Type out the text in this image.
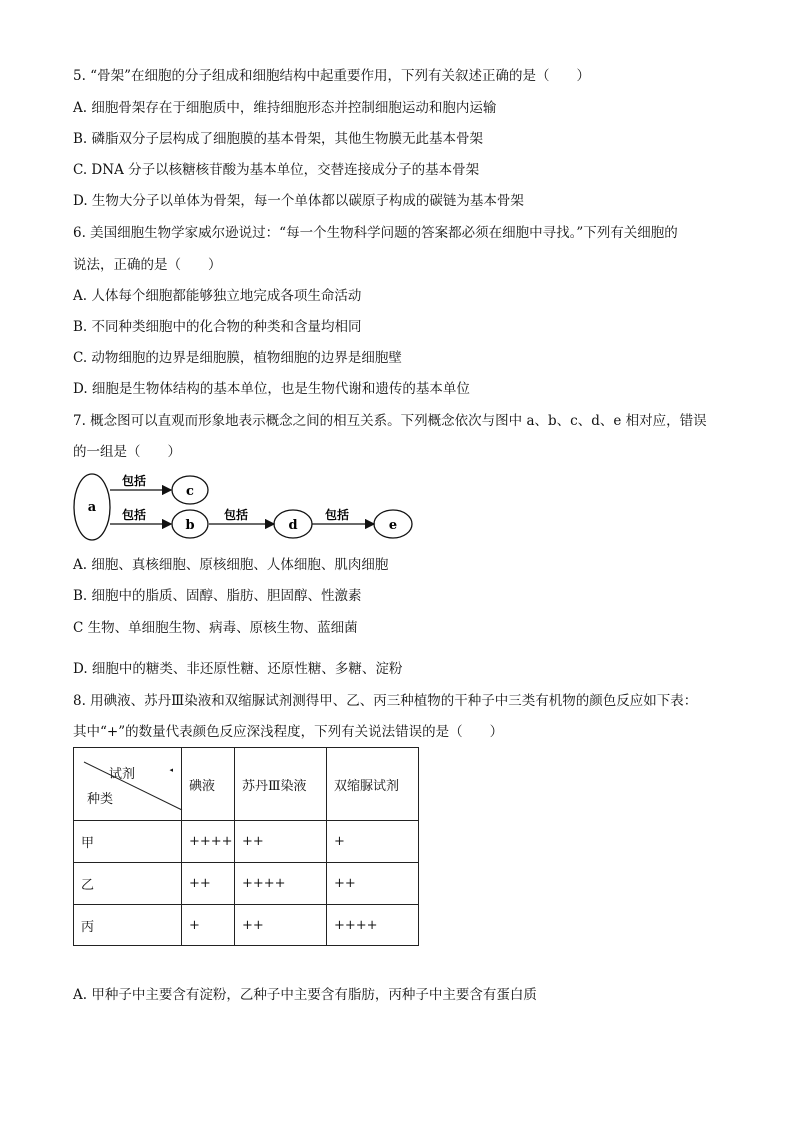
5. “骨架”在细胞的分子组成和细胞结构中起重要作用，下列有关叙述正确的是（　　）
A. 细胞骨架存在于细胞质中，维持细胞形态并控制细胞运动和胞内运输
B. 磷脂双分子层构成了细胞膜的基本骨架，其他生物膜无此基本骨架
C. DNA 分子以核糖核苷酸为基本单位，交替连接成分子的基本骨架
D. 生物大分子以单体为骨架，每一个单体都以碳原子构成的碳链为基本骨架
6. 美国细胞生物学家威尔逊说过：“每一个生物科学问题的答案都必须在细胞中寻找。”下列有关细胞的
说法，正确的是（　　）
A. 人体每个细胞都能够独立地完成各项生命活动
B. 不同种类细胞中的化合物的种类和含量均相同
C. 动物细胞的边界是细胞膜，植物细胞的边界是细胞壁
D. 细胞是生物体结构的基本单位，也是生物代谢和遗传的基本单位
7. 概念图可以直观而形象地表示概念之间的相互关系。下列概念依次与图中 a、b、c、d、e 相对应，错误
的一组是（　　）
a
包括
c
包括
b
包括
d
包括
e
A. 细胞、真核细胞、原核细胞、人体细胞、肌肉细胞
B. 细胞中的脂质、固醇、脂肪、胆固醇、性激素
C 生物、单细胞生物、病毒、原核生物、蓝细菌
D. 细胞中的糖类、非还原性糖、还原性糖、多糖、淀粉
8. 用碘液、苏丹Ⅲ染液和双缩脲试剂测得甲、乙、丙三种植物的干种子中三类有机物的颜色反应如下表：
其中“+”的数量代表颜色反应深浅程度，下列有关说法错误的是（　　）
试剂 ◂
种类	碘液	苏丹Ⅲ染液	双缩脲试剂
甲	++++	++	+
乙	++	++++	++
丙	+	++	++++
A. 甲种子中主要含有淀粉，乙种子中主要含有脂肪，丙种子中主要含有蛋白质
